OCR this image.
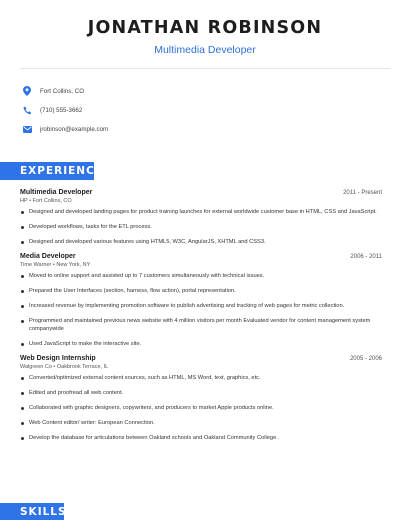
JONATHAN ROBINSON
Multimedia Developer
Fort Collins, CO
(710) 555-3662
jrobinson@example.com
EXPERIENCE
Multimedia Developer	2011 - Present
HP • Fort Collins, CO
Designed and developed landing pages for product training launches for external worldwide customer base in HTML, CSS and JavaScript.
Developed workflows, tasks for the ETL process.
Designed and developed various features using HTML5, W3C, AngularJS, XHTML and CSS3.
Media Developer	2006 - 2011
Time Warner • New York, NY
Moved to online support and assisted up to 7 customers simultaneously with technical issues.
Prepared the User Interfaces (section, harness, flow action), portal representation.
Increased revenue by implementing promotion software to publish advertising and tracking of web pages for metric collection.
Programmed and maintained previous news website with 4 million visitors per month Evaluated vendor for content management system companywide
Used JavaScript to make the interactive site.
Web Design Internship	2005 - 2006
Walgreen Co • Oakbrook Terrace, IL
Converted/optimized external content sources, such as HTML, MS Word, text, graphics, etc.
Edited and proofread all web content.
Collaborated with graphic designers, copywriters, and producers to market Apple products online.
Web Content editor/ writer: European Connection.
Develop the database for articulations between Oakland schools and Oakland Community College.
SKILLS
